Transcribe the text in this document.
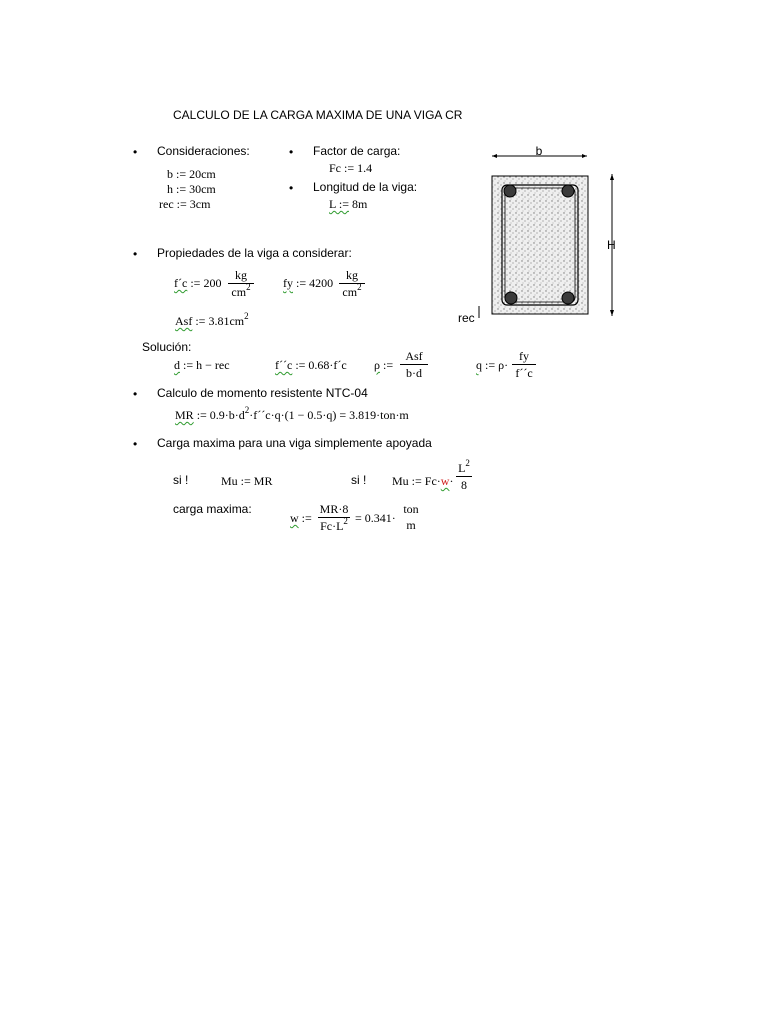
CALCULO DE LA CARGA MAXIMA DE UNA VIGA CR
• Consideraciones:
b := 20cm
h := 30cm
rec := 3cm
• Factor de carga:
Fc := 1.4
• Longitud de la viga:
L := 8m
b
H
rec
• Propiedades de la viga a considerar:
f´c := 200
kg
$cm^2$	fy := 4200
kg
$cm^2$
Asf := $3.81cm^2$
Solución:
d := h − rec	f´´c := 0.68·f´c ρ :=
Asf
b·d
q := ρ·
fy
f´´c
• Calculo de momento resistente NTC-04
MR := $0.9\cdot b\cdot d^2\cdot f´´c\cdot q\cdot(1 - 0.5\cdot q) = 3.819\cdot ton\cdot m$
• Carga maxima para una viga simplemente apoyada
si !	Mu := MR	si ! Mu := Fc·w·
$L^2$
8
carga maxima:
w :=
MR·8
$Fc\cdot L^2 = 0.341\cdot$
ton
m
